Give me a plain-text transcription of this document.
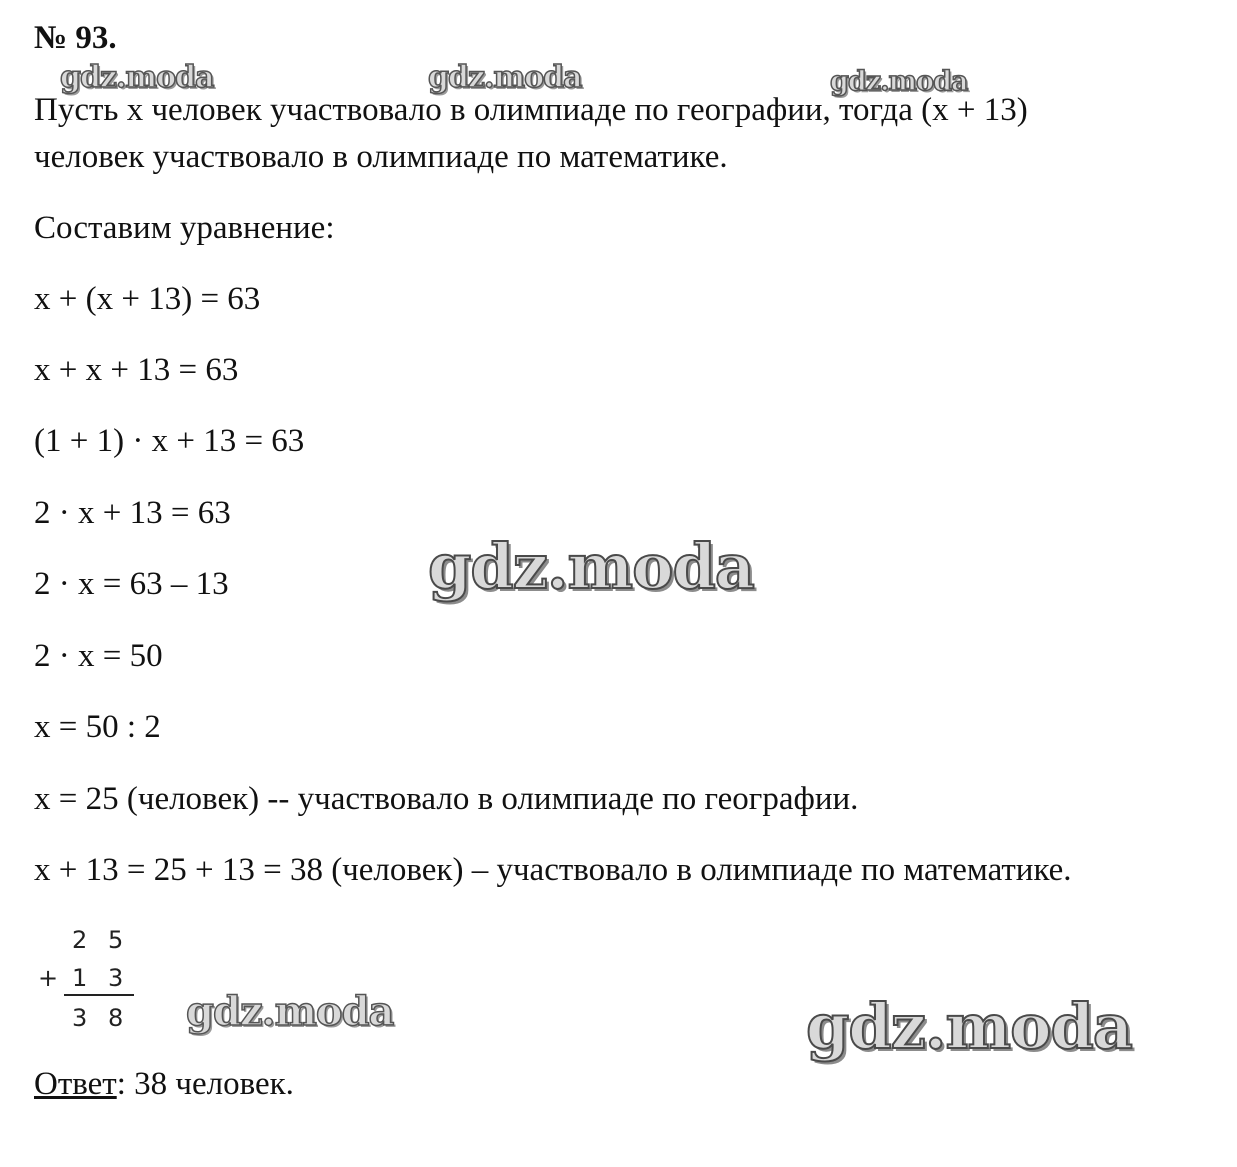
№ 93.
gdz.moda	gdz.moda	gdz.moda
Пусть x человек участвовало в олимпиаде по географии, тогда (x + 13)
человек участвовало в олимпиаде по математике.
Составим уравнение:
x + (x + 13) = 63
x + x + 13 = 63
(1 + 1) · x + 13 = 63
2 · x + 13 = 63
2 · x = 63 – 13
2 · x = 50
x = 50 : 2
x = 25 (человек) -- участвовало в олимпиаде по географии.
x + 13 = 25 + 13 = 38 (человек) – участвовало в олимпиаде по математике.
gdz.moda
2 5
+ 1 3
3 8 gdz.moda	gdz.moda
Ответ: 38 человек.
